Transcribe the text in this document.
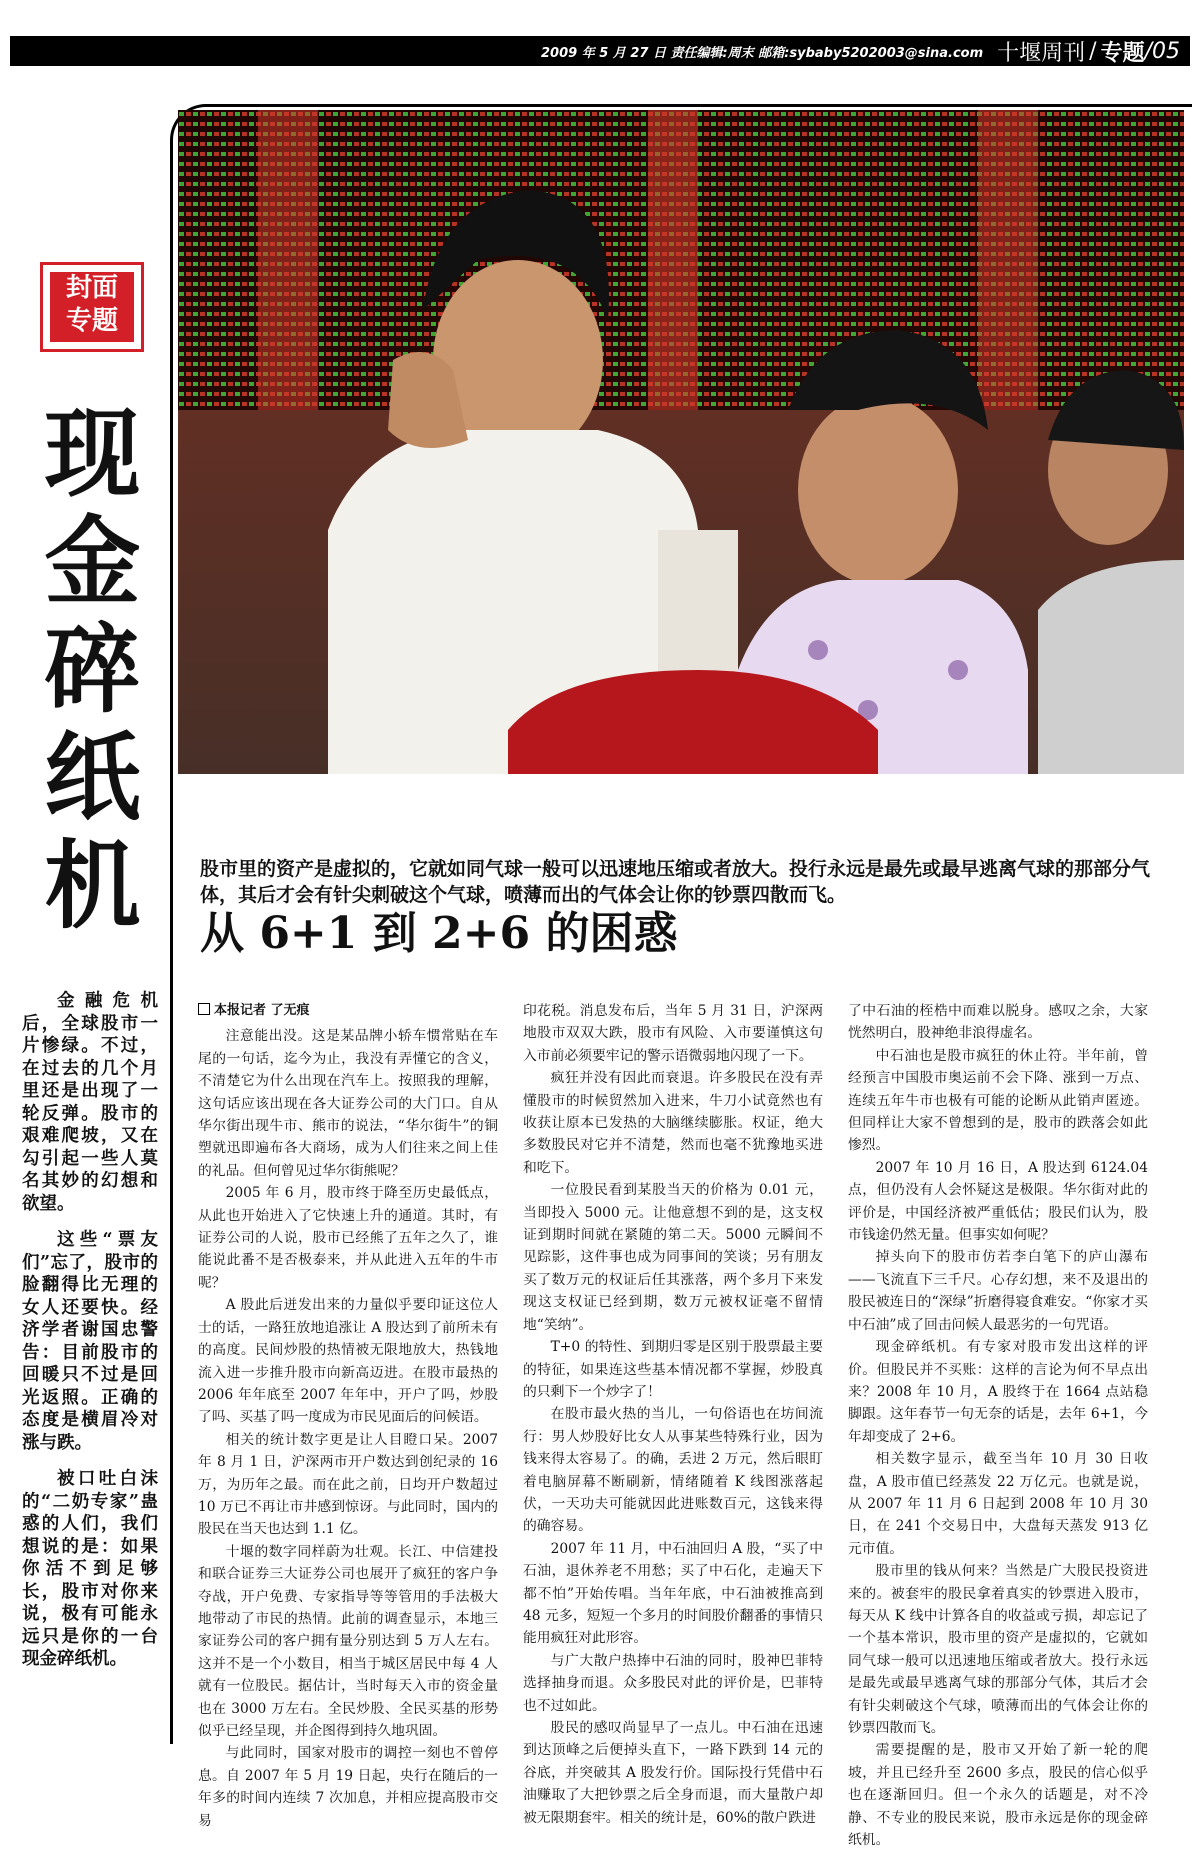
2009 年 5 月 27 日 责任编辑:周末 邮箱:sybaby5202003@sina.com 十堰周刊 / 专题 /05
封面
专题
现
金
碎
纸
机

金融危机后，全球股市一片惨绿。不过，在过去的几个月里还是出现了一轮反弹。股市的艰难爬坡，又在勾引起一些人莫名其妙的幻想和欲望。

这些“票友们”忘了，股市的脸翻得比无理的女人还要快。经济学者谢国忠警告：目前股市的回暖只不过是回光返照。正确的态度是横眉冷对涨与跌。

被口吐白沫的“二奶专家”蛊惑的人们，我们想说的是：如果你活不到足够长，股市对你来说，极有可能永远只是你的一台现金碎纸机。

股市里的资产是虚拟的，它就如同气球一般可以迅速地压缩或者放大。投行永远是最先或最早逃离气球的那部分气体，其后才会有针尖刺破这个气球，喷薄而出的气体会让你的钞票四散而飞。
从 6+1 到 2+6 的困惑

本报记者 了无痕

注意能出没。这是某品牌小轿车惯常贴在车尾的一句话，迄今为止，我没有弄懂它的含义，不清楚它为什么出现在汽车上。按照我的理解，这句话应该出现在各大证券公司的大门口。自从华尔街出现牛市、熊市的说法，“华尔街牛”的铜塑就迅即遍布各大商场，成为人们往来之间上佳的礼品。但何曾见过华尔街熊呢？

2005 年 6 月，股市终于降至历史最低点，从此也开始进入了它快速上升的通道。其时，有证券公司的人说，股市已经熊了五年之久了，谁能说此番不是否极泰来，并从此进入五年的牛市呢？

A 股此后迸发出来的力量似乎要印证这位人士的话，一路狂放地追涨让 A 股达到了前所未有的高度。民间炒股的热情被无限地放大，热钱地流入进一步推升股市向新高迈进。在股市最热的 2006 年年底至 2007 年年中，开户了吗，炒股了吗、买基了吗一度成为市民见面后的问候语。

相关的统计数字更是让人目瞪口呆。2007 年 8 月 1 日，沪深两市开户数达到创纪录的 16 万，为历年之最。而在此之前，日均开户数超过 10 万已不再让市井感到惊讶。与此同时，国内的股民在当天也达到 1.1 亿。

十堰的数字同样蔚为壮观。长江、中信建投和联合证券三大证券公司也展开了疯狂的客户争夺战，开户免费、专家指导等等管用的手法极大地带动了市民的热情。此前的调查显示，本地三家证券公司的客户拥有量分别达到 5 万人左右。这并不是一个小数目，相当于城区居民中每 4 人就有一位股民。据估计，当时每天入市的资金量也在 3000 万左右。全民炒股、全民买基的形势似乎已经呈现，并企图得到持久地巩固。

与此同时，国家对股市的调控一刻也不曾停息。自 2007 年 5 月 19 日起，央行在随后的一年多的时间内连续 7 次加息，并相应提高股市交易

印花税。消息发布后，当年 5 月 31 日，沪深两地股市双双大跌，股市有风险、入市要谨慎这句入市前必须要牢记的警示语微弱地闪现了一下。

疯狂并没有因此而衰退。许多股民在没有弄懂股市的时候贸然加入进来，牛刀小试竟然也有收获让原本已发热的大脑继续膨胀。权证，绝大多数股民对它并不清楚，然而也毫不犹豫地买进和吃下。

一位股民看到某股当天的价格为 0.01 元，当即投入 5000 元。让他意想不到的是，这支权证到期时间就在紧随的第二天。5000 元瞬间不见踪影，这件事也成为同事间的笑谈；另有朋友买了数万元的权证后任其涨落，两个多月下来发现这支权证已经到期，数万元被权证毫不留情地“笑纳”。

T+0 的特性、到期归零是区别于股票最主要的特征，如果连这些基本情况都不掌握，炒股真的只剩下一个炒字了！

在股市最火热的当儿，一句俗语也在坊间流行：男人炒股好比女人从事某些特殊行业，因为钱来得太容易了。的确，丢进 2 万元，然后眼盯着电脑屏幕不断刷新，情绪随着 K 线图涨落起伏，一天功夫可能就因此进账数百元，这钱来得的确容易。

2007 年 11 月，中石油回归 A 股，“买了中石油，退休养老不用愁；买了中石化，走遍天下都不怕”开始传唱。当年年底，中石油被推高到 48 元多，短短一个多月的时间股价翻番的事情只能用疯狂对此形容。

与广大散户热捧中石油的同时，股神巴菲特选择抽身而退。众多股民对此的评价是，巴菲特也不过如此。

股民的感叹尚显早了一点儿。中石油在迅速到达顶峰之后便掉头直下，一路下跌到 14 元的谷底，并突破其 A 股发行价。国际投行凭借中石油赚取了大把钞票之后全身而退，而大量散户却被无限期套牢。相关的统计是，60%的散户跌进

了中石油的桎梏中而难以脱身。感叹之余，大家恍然明白，股神绝非浪得虚名。

中石油也是股市疯狂的休止符。半年前，曾经预言中国股市奥运前不会下降、涨到一万点、连续五年牛市也极有可能的论断从此销声匿迹。但同样让大家不曾想到的是，股市的跌落会如此惨烈。

2007 年 10 月 16 日，A 股达到 6124.04 点，但仍没有人会怀疑这是极限。华尔街对此的评价是，中国经济被严重低估；股民们认为，股市钱途仍然无量。但事实如何呢？

掉头向下的股市仿若李白笔下的庐山瀑布——飞流直下三千尺。心存幻想，来不及退出的股民被连日的“深绿”折磨得寝食难安。“你家才买中石油”成了回击问候人最恶劣的一句咒语。

现金碎纸机。有专家对股市发出这样的评价。但股民并不买账：这样的言论为何不早点出来？2008 年 10 月，A 股终于在 1664 点站稳脚跟。这年春节一句无奈的话是，去年 6+1，今年却变成了 2+6。

相关数字显示，截至当年 10 月 30 日收盘，A 股市值已经蒸发 22 万亿元。也就是说，从 2007 年 11 月 6 日起到 2008 年 10 月 30 日，在 241 个交易日中，大盘每天蒸发 913 亿元市值。

股市里的钱从何来？当然是广大股民投资进来的。被套牢的股民拿着真实的钞票进入股市，每天从 K 线中计算各自的收益或亏损，却忘记了一个基本常识，股市里的资产是虚拟的，它就如同气球一般可以迅速地压缩或者放大。投行永远是最先或最早逃离气球的那部分气体，其后才会有针尖刺破这个气球，喷薄而出的气体会让你的钞票四散而飞。

需要提醒的是，股市又开始了新一轮的爬坡，并且已经升至 2600 多点，股民的信心似乎也在逐渐回归。但一个永久的话题是，对不冷静、不专业的股民来说，股市永远是你的现金碎纸机。
